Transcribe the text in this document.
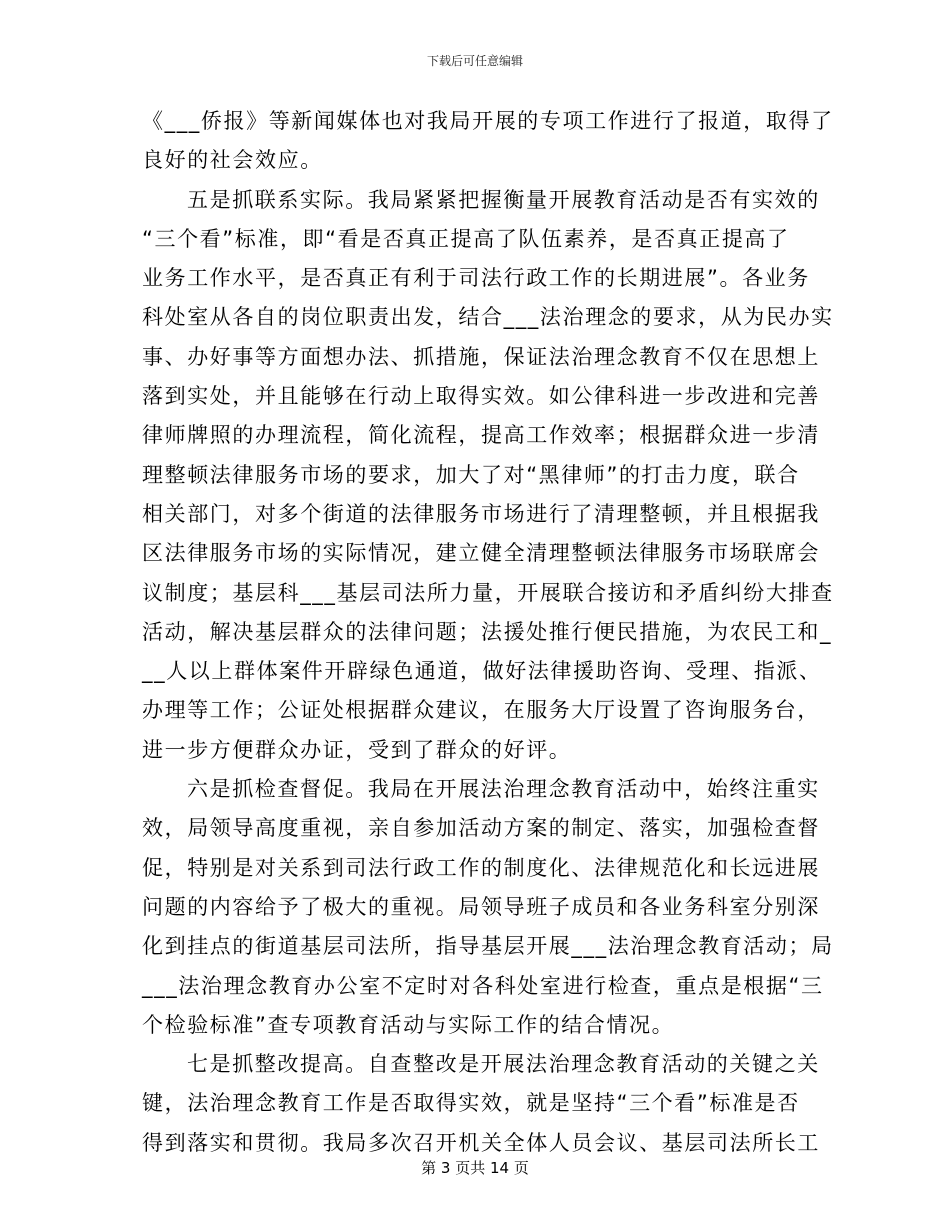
下载后可任意编辑
《___侨报》等新闻媒体也对我局开展的专项工作进行了报道，取得了
良好的社会效应。
五是抓联系实际。我局紧紧把握衡量开展教育活动是否有实效的
“三个看”标准，即“看是否真正提高了队伍素养，是否真正提高了
业务工作水平，是否真正有利于司法行政工作的长期进展”。各业务
科处室从各自的岗位职责出发，结合___法治理念的要求，从为民办实
事、办好事等方面想办法、抓措施，保证法治理念教育不仅在思想上
落到实处，并且能够在行动上取得实效。如公律科进一步改进和完善
律师牌照的办理流程，简化流程，提高工作效率；根据群众进一步清
理整顿法律服务市场的要求，加大了对“黑律师”的打击力度，联合
相关部门，对多个街道的法律服务市场进行了清理整顿，并且根据我
区法律服务市场的实际情况，建立健全清理整顿法律服务市场联席会
议制度；基层科___基层司法所力量，开展联合接访和矛盾纠纷大排查
活动，解决基层群众的法律问题；法援处推行便民措施，为农民工和_
__人以上群体案件开辟绿色通道，做好法律援助咨询、受理、指派、
办理等工作；公证处根据群众建议，在服务大厅设置了咨询服务台，
进一步方便群众办证，受到了群众的好评。
六是抓检查督促。我局在开展法治理念教育活动中，始终注重实
效，局领导高度重视，亲自参加活动方案的制定、落实，加强检查督
促，特别是对关系到司法行政工作的制度化、法律规范化和长远进展
问题的内容给予了极大的重视。局领导班子成员和各业务科室分别深
化到挂点的街道基层司法所，指导基层开展___法治理念教育活动；局
___法治理念教育办公室不定时对各科处室进行检查，重点是根据“三
个检验标准”查专项教育活动与实际工作的结合情况。
七是抓整改提高。自查整改是开展法治理念教育活动的关键之关
键，法治理念教育工作是否取得实效，就是坚持“三个看”标准是否
得到落实和贯彻。我局多次召开机关全体人员会议、基层司法所长工
第 3 页共 14 页
